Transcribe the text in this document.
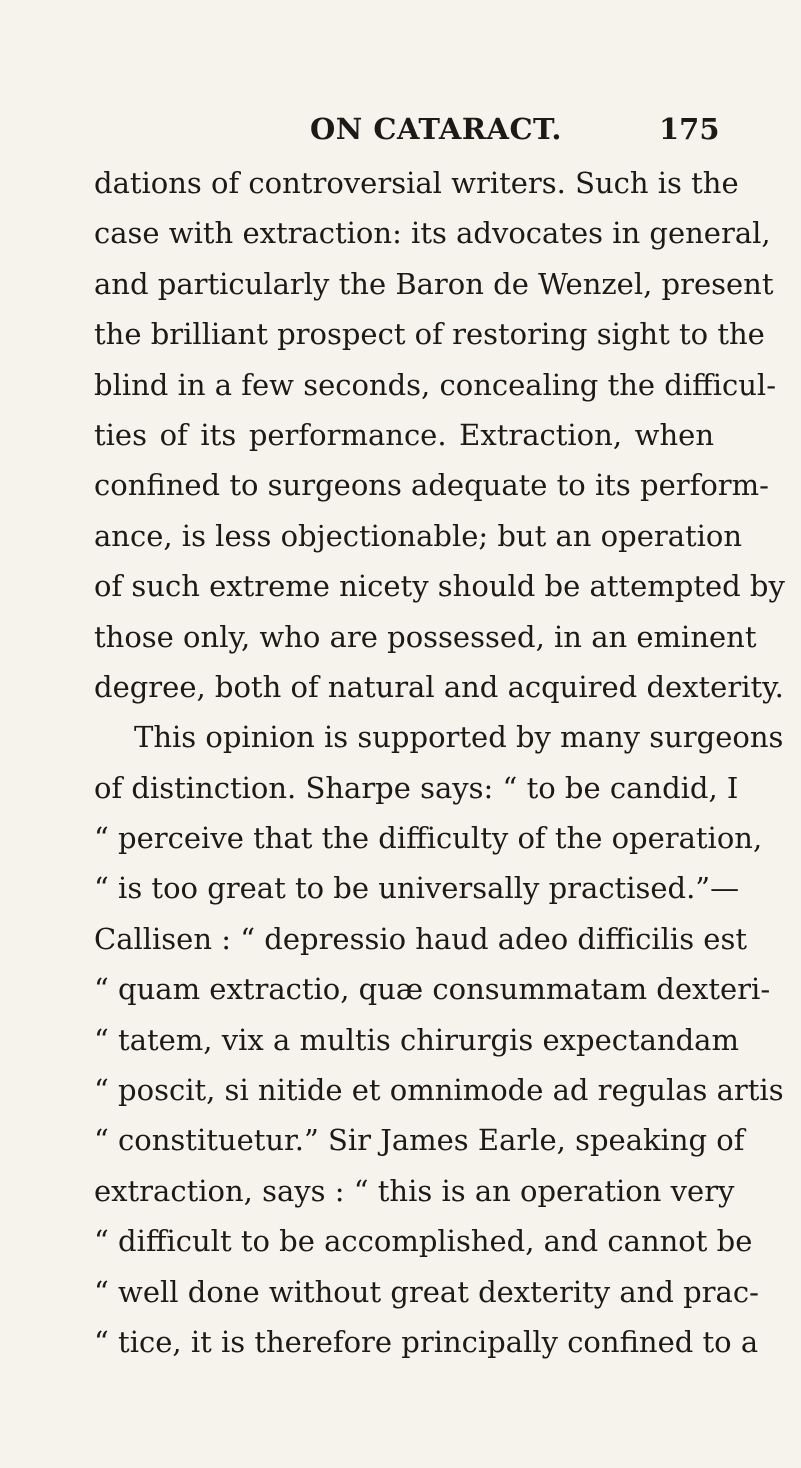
ON CATARACT.	175
dations of controversial writers. Such is the
case with extraction: its advocates in general,
and particularly the Baron de Wenzel, present
the brilliant prospect of restoring sight to the
blind in a few seconds, concealing the difficul-
ties of its performance. Extraction, when
confined to surgeons adequate to its perform-
ance, is less objectionable; but an operation
of such extreme nicety should be attempted by
those only, who are possessed, in an eminent
degree, both of natural and acquired dexterity.
This opinion is supported by many surgeons
of distinction. Sharpe says: “ to be candid, I
“ perceive that the difficulty of the operation,
“ is too great to be universally practised.”—
Callisen : “ depressio haud adeo difficilis est
“ quam extractio, quæ consummatam dexteri-
“ tatem, vix a multis chirurgis expectandam
“ poscit, si nitide et omnimode ad regulas artis
“ constituetur.” Sir James Earle, speaking of
extraction, says : “ this is an operation very
“ difficult to be accomplished, and cannot be
“ well done without great dexterity and prac-
“ tice, it is therefore principally confined to a
